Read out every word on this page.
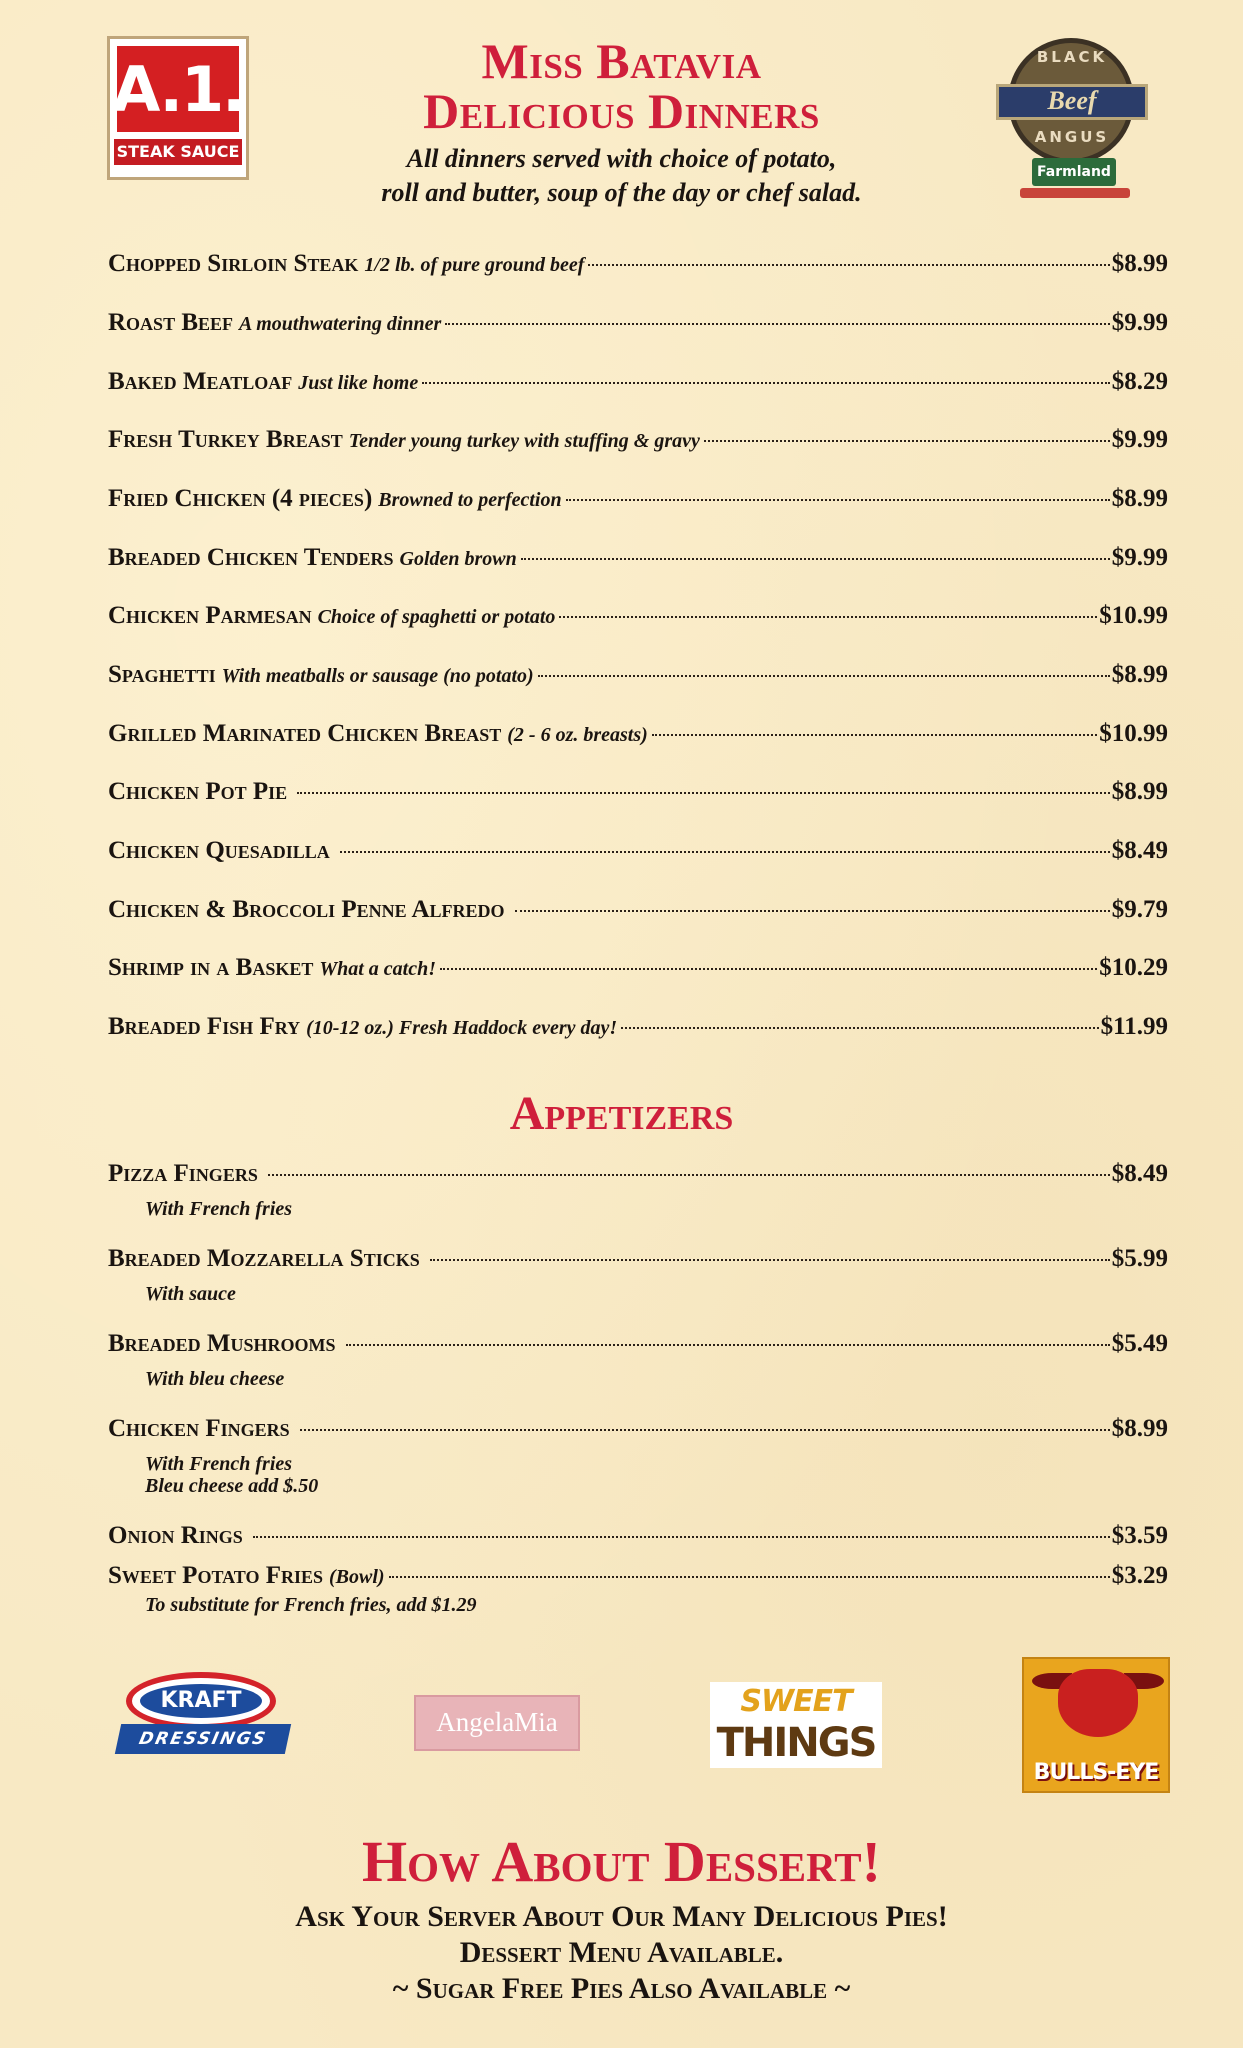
A.1.
STEAK SAUCE
BLACK
Beef
ANGUS
Farmland
Miss Batavia
Delicious Dinners
All dinners served with choice of potato,
roll and butter, soup of the day or chef salad.
Chopped Sirloin Steak 1/2 lb. of pure ground beef	$8.99
Roast Beef A mouthwatering dinner	$9.99
Baked Meatloaf Just like home	$8.29
Fresh Turkey Breast Tender young turkey with stuffing & gravy	$9.99
Fried Chicken (4 pieces) Browned to perfection	$8.99
Breaded Chicken Tenders Golden brown	$9.99
Chicken Parmesan Choice of spaghetti or potato	$10.99
Spaghetti With meatballs or sausage (no potato)	$8.99
Grilled Marinated Chicken Breast (2 - 6 oz. breasts)	$10.99
Chicken Pot Pie	$8.99
Chicken Quesadilla	$8.49
Chicken & Broccoli Penne Alfredo	$9.79
Shrimp in a Basket What a catch!	$10.29
Breaded Fish Fry (10-12 oz.) Fresh Haddock every day!	$11.99
Appetizers
Pizza Fingers	$8.49
With French fries
Breaded Mozzarella Sticks	$5.99
With sauce
Breaded Mushrooms	$5.49
With bleu cheese
Chicken Fingers	$8.99
With French fries
Bleu cheese add $.50
Onion Rings	$3.59
Sweet Potato Fries (Bowl)	$3.29
To substitute for French fries, add $1.29
KRAFT
DRESSINGS
AngelaMia
SWEET
THINGS
BULLS-EYE
How About Dessert!
Ask Your Server About Our Many Delicious Pies!
Dessert Menu Available.
~ Sugar Free Pies Also Available ~
